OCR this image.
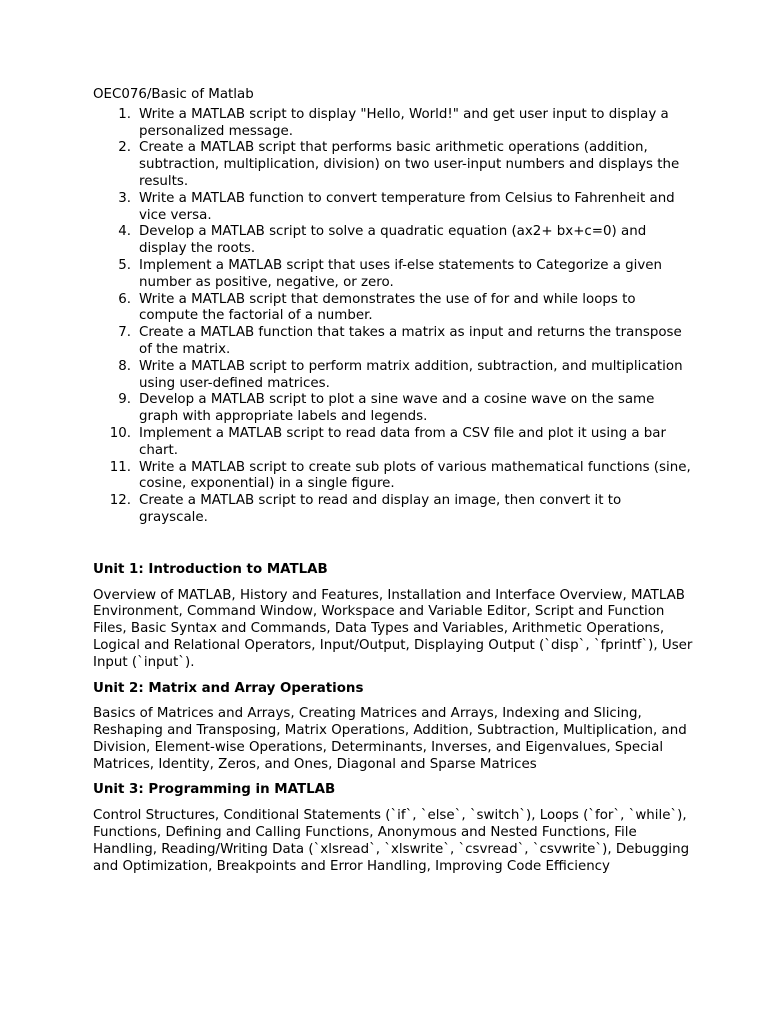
OEC076/Basic of Matlab

1. Write a MATLAB script to display "Hello, World!" and get user input to display a personalized message.
2. Create a MATLAB script that performs basic arithmetic operations (addition, subtraction, multiplication, division) on two user-input numbers and displays the results.
3. Write a MATLAB function to convert temperature from Celsius to Fahrenheit and vice versa.
4. Develop a MATLAB script to solve a quadratic equation (ax2+ bx+c=0) and display the roots.
5. Implement a MATLAB script that uses if-else statements to Categorize a given number as positive, negative, or zero.
6. Write a MATLAB script that demonstrates the use of for and while loops to compute the factorial of a number.
7. Create a MATLAB function that takes a matrix as input and returns the transpose of the matrix.
8. Write a MATLAB script to perform matrix addition, subtraction, and multiplication using user-defined matrices.
9. Develop a MATLAB script to plot a sine wave and a cosine wave on the same graph with appropriate labels and legends.
10. Implement a MATLAB script to read data from a CSV file and plot it using a bar chart.
11. Write a MATLAB script to create sub plots of various mathematical functions (sine, cosine, exponential) in a single figure.
12. Create a MATLAB script to read and display an image, then convert it to grayscale.

Unit 1: Introduction to MATLAB

Overview of MATLAB, History and Features, Installation and Interface Overview, MATLAB Environment, Command Window, Workspace and Variable Editor, Script and Function Files, Basic Syntax and Commands, Data Types and Variables, Arithmetic Operations, Logical and Relational Operators, Input/Output, Displaying Output (`disp`, `fprintf`), User Input (`input`).

Unit 2: Matrix and Array Operations

Basics of Matrices and Arrays, Creating Matrices and Arrays, Indexing and Slicing, Reshaping and Transposing, Matrix Operations, Addition, Subtraction, Multiplication, and Division, Element-wise Operations, Determinants, Inverses, and Eigenvalues, Special Matrices, Identity, Zeros, and Ones, Diagonal and Sparse Matrices

Unit 3: Programming in MATLAB

Control Structures, Conditional Statements (`if`, `else`, `switch`), Loops (`for`, `while`), Functions, Defining and Calling Functions, Anonymous and Nested Functions, File Handling, Reading/Writing Data (`xlsread`, `xlswrite`, `csvread`, `csvwrite`), Debugging and Optimization, Breakpoints and Error Handling, Improving Code Efficiency
